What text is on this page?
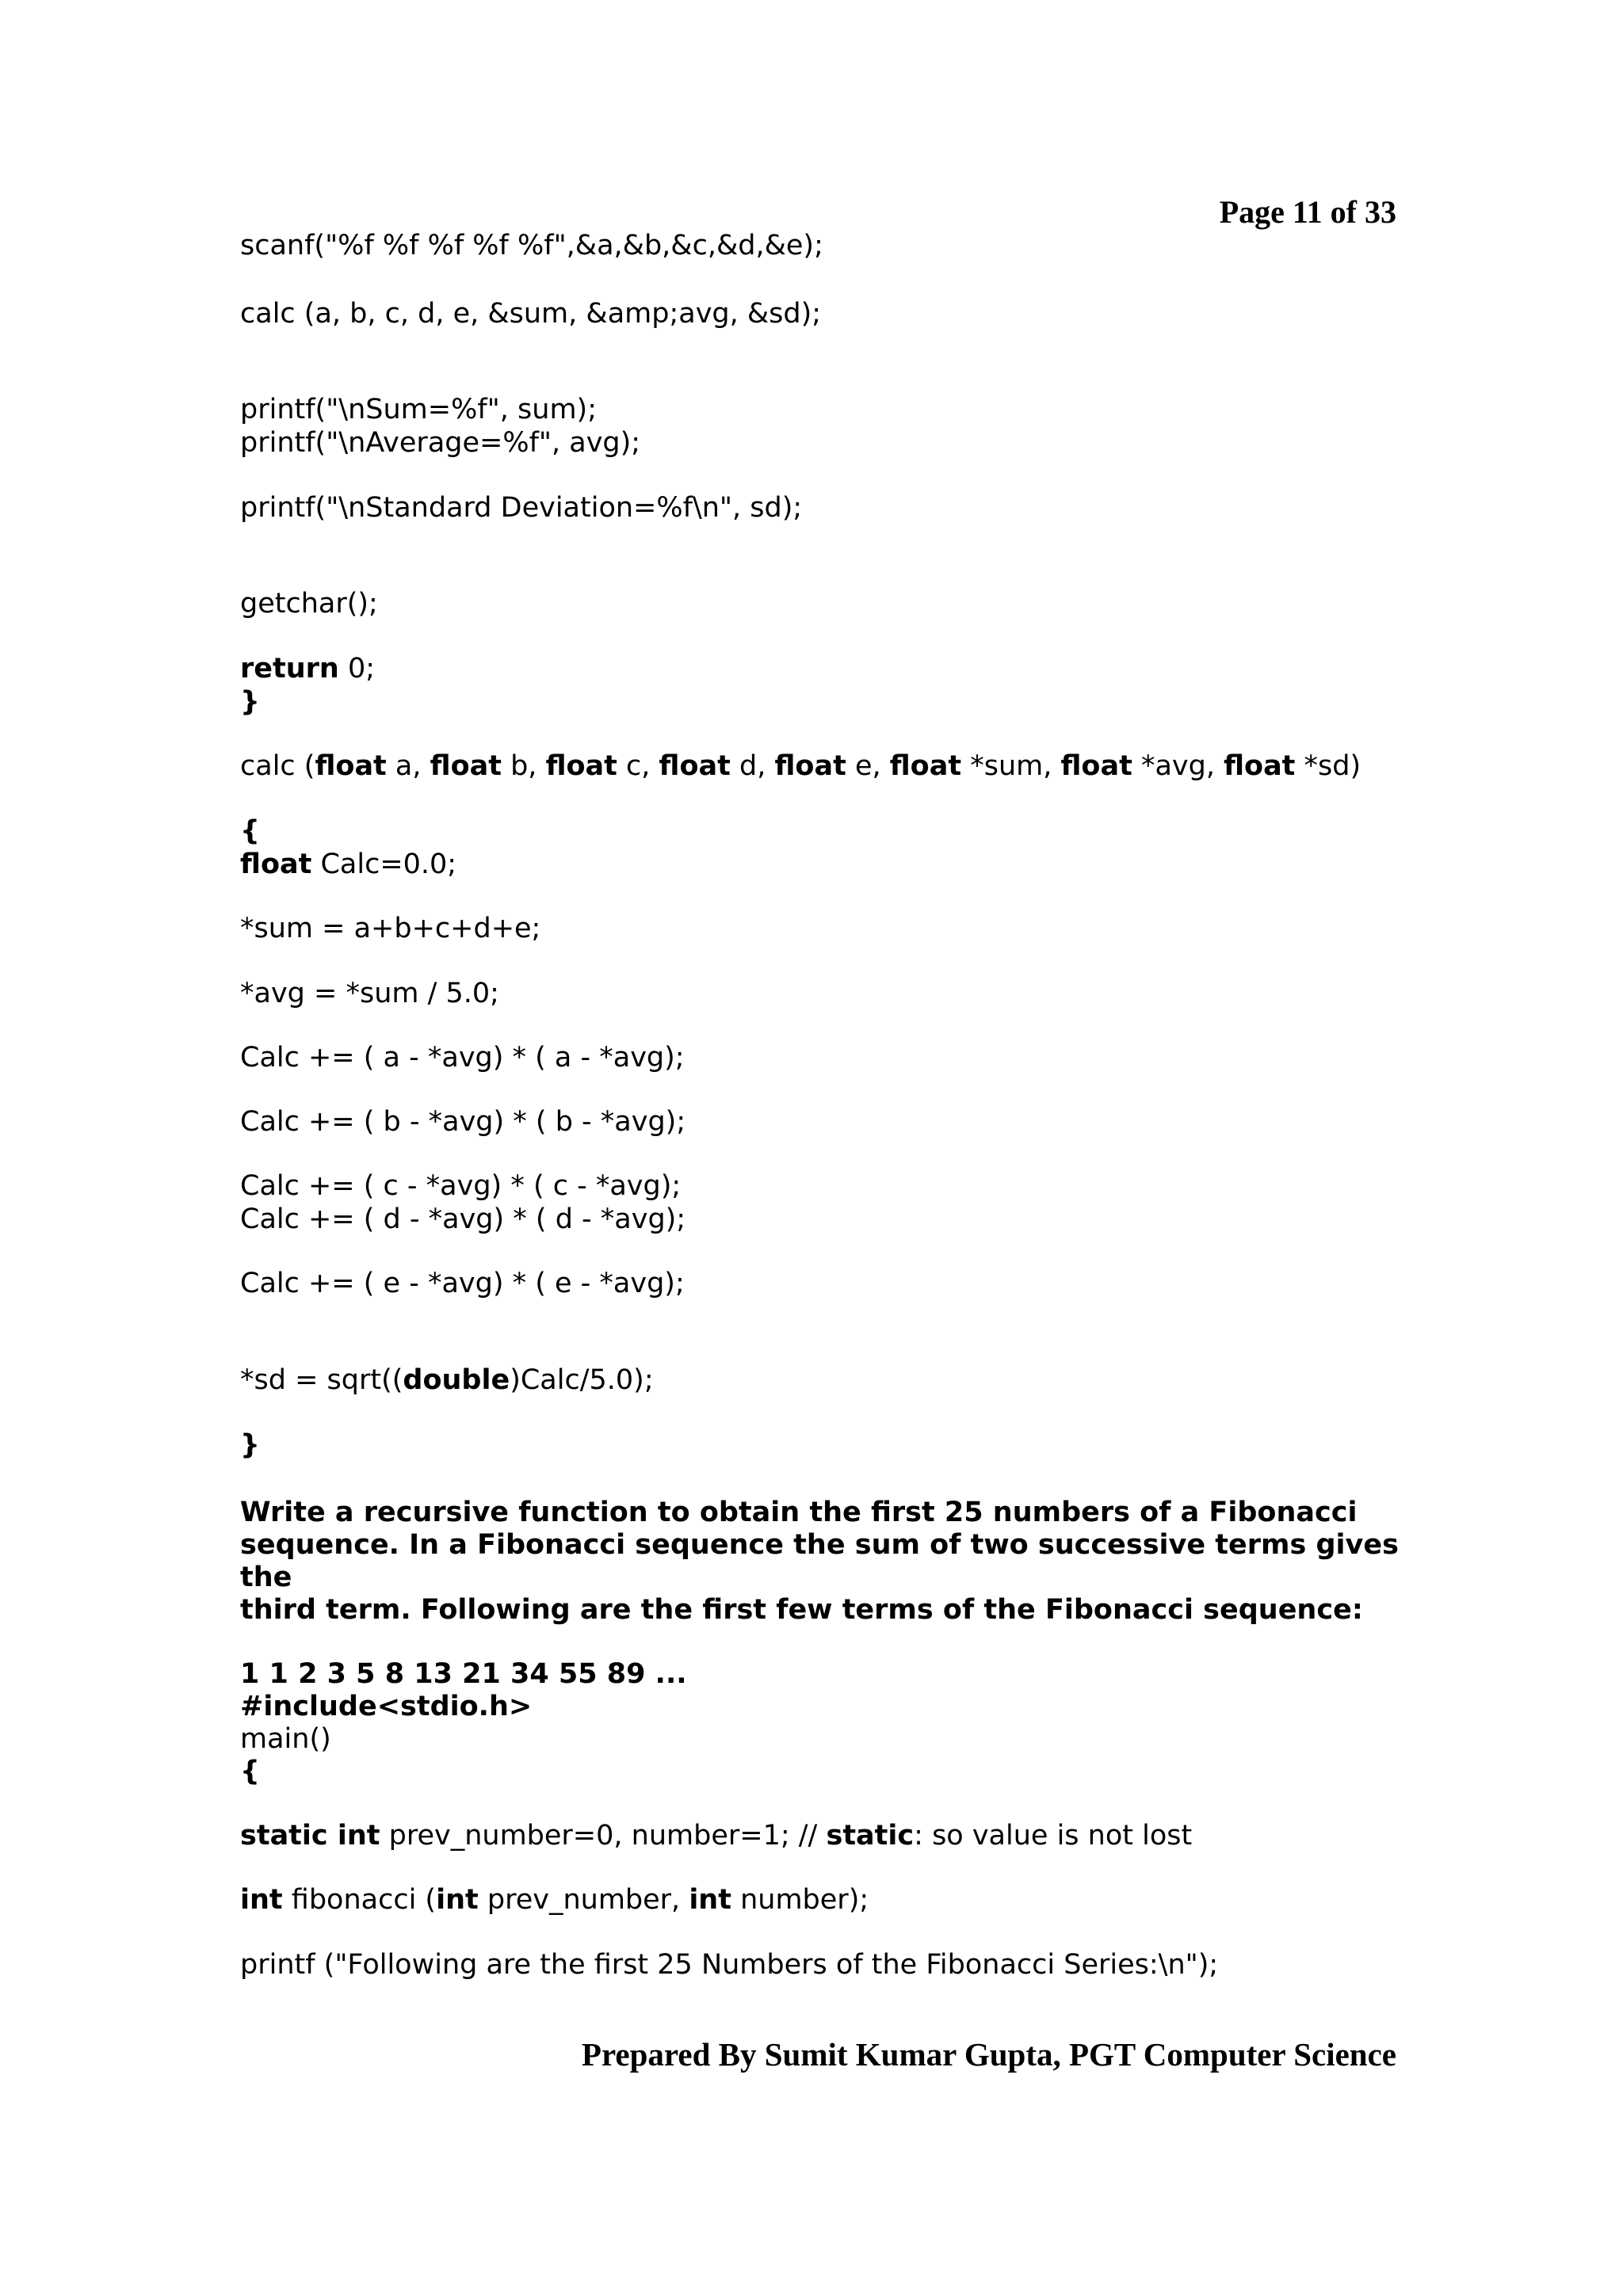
Page 11 of 33
scanf("%f %f %f %f %f",&a,&b,&c,&d,&e);
calc (a, b, c, d, e, &sum, &amp;avg, &sd);
printf("\nSum=%f", sum);
printf("\nAverage=%f", avg);
printf("\nStandard Deviation=%f\n", sd);
getchar();
return 0;
}
calc (float a, float b, float c, float d, float e, float *sum, float *avg, float *sd)
{
float Calc=0.0;
*sum = a+b+c+d+e;
*avg = *sum / 5.0;
Calc += ( a - *avg) * ( a - *avg);
Calc += ( b - *avg) * ( b - *avg);
Calc += ( c - *avg) * ( c - *avg);
Calc += ( d - *avg) * ( d - *avg);
Calc += ( e - *avg) * ( e - *avg);
*sd = sqrt((double)Calc/5.0);
}
Write a recursive function to obtain the first 25 numbers of a Fibonacci
sequence. In a Fibonacci sequence the sum of two successive terms gives
the
third term. Following are the first few terms of the Fibonacci sequence:
1 1 2 3 5 8 13 21 34 55 89 ...
#include<stdio.h>
main()
{
static int prev_number=0, number=1; // static: so value is not lost
int fibonacci (int prev_number, int number);
printf ("Following are the first 25 Numbers of the Fibonacci Series:\n");
Prepared By Sumit Kumar Gupta, PGT Computer Science
